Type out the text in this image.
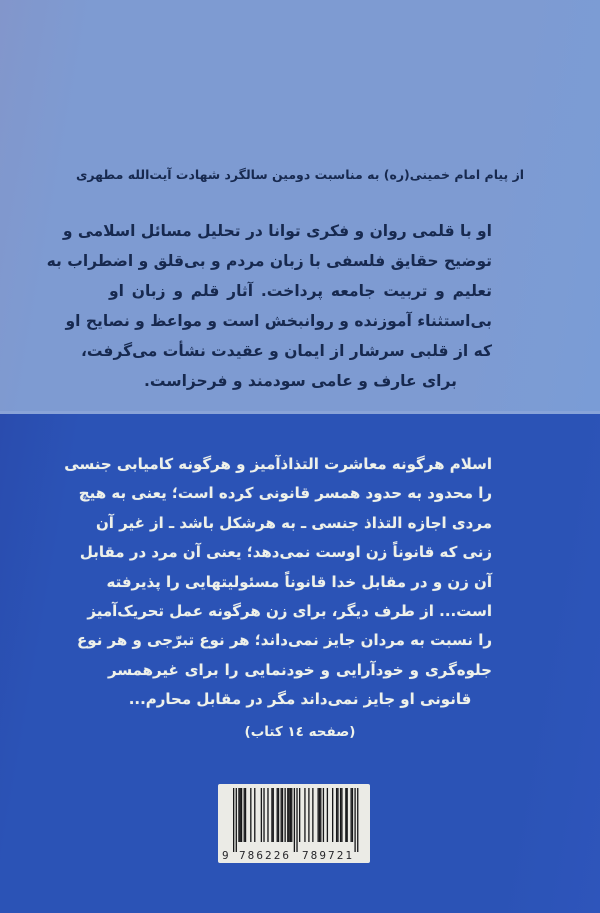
از پیام امام خمینی(ره) به مناسبت دومین سالگرد شهادت آیت‌الله مطهری
او با قلمی روان و فکری توانا در تحلیل مسائل اسلامی و
توضیح حقایق فلسفی با زبان مردم و بی‌قلق و اضطراب به
تعلیم و تربیت جامعه پرداخت. آثار قلم و زبان او
بی‌استثناء آموزنده و روانبخش است و مواعظ و نصایح او
که از قلبی سرشار از ایمان و عقیدت نشأت می‌گرفت،
برای عارف و عامی سودمند و فرحزاست.
اسلام هرگونه معاشرت التذاذآمیز و هرگونه کامیابی جنسی
را محدود به حدود همسر قانونی کرده است؛ یعنی به هیچ
مردی اجازه التذاذ جنسی ـ به هرشکل باشد ـ از غیر آن
زنی که قانوناً زن اوست نمی‌دهد؛ یعنی آن مرد در مقابل
آن زن و در مقابل خدا قانوناً مسئولیتهایی را پذیرفته
است... از طرف دیگر، برای زن هرگونه عمل تحریک‌آمیز
را نسبت به مردان جایز نمی‌داند؛ هر نوع تبرّجی و هر نوع
جلوه‌گری و خودآرایی و خودنمایی را برای غیرهمسر
قانونی او جایز نمی‌داند مگر در مقابل محارم...
(صفحه ١٤ کتاب)
9 786226 789721
